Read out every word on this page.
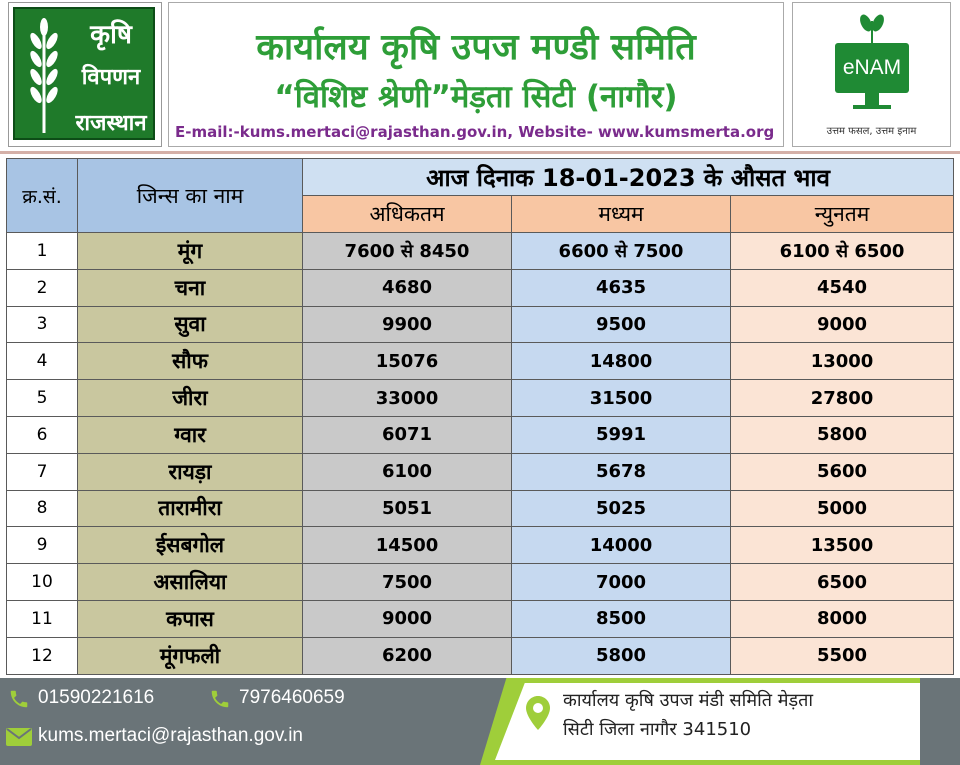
कृषि
विपणन
राजस्थान
कार्यालय कृषि उपज मण्डी समिति
“विशिष्ट श्रेणी”मेड़ता सिटी (नागौर)
E-mail:-kums.mertaci@rajasthan.gov.in, Website- www.kumsmerta.org
eNAM
उत्तम फसल, उत्तम इनाम
क्र.सं.	जिन्स का नाम	आज दिनाक 18-01-2023 के औसत भाव		
		अधिकतम	मध्यम	न्युनतम
1	मूंग	7600 से 8450	6600 से 7500	6100 से 6500
2	चना	4680	4635	4540
3	सुवा	9900	9500	9000
4	सौफ	15076	14800	13000
5	जीरा	33000	31500	27800
6	ग्वार	6071	5991	5800
7	रायड़ा	6100	5678	5600
8	तारामीरा	5051	5025	5000
9	ईसबगोल	14500	14000	13500
10	असालिया	7500	7000	6500
11	कपास	9000	8500	8000
12	मूंगफली	6200	5800	5500
01590221616	7976460659
kums.mertaci@rajasthan.gov.in
कार्यालय कृषि उपज मंडी समिति मेड़ता
सिटी जिला नागौर 341510
